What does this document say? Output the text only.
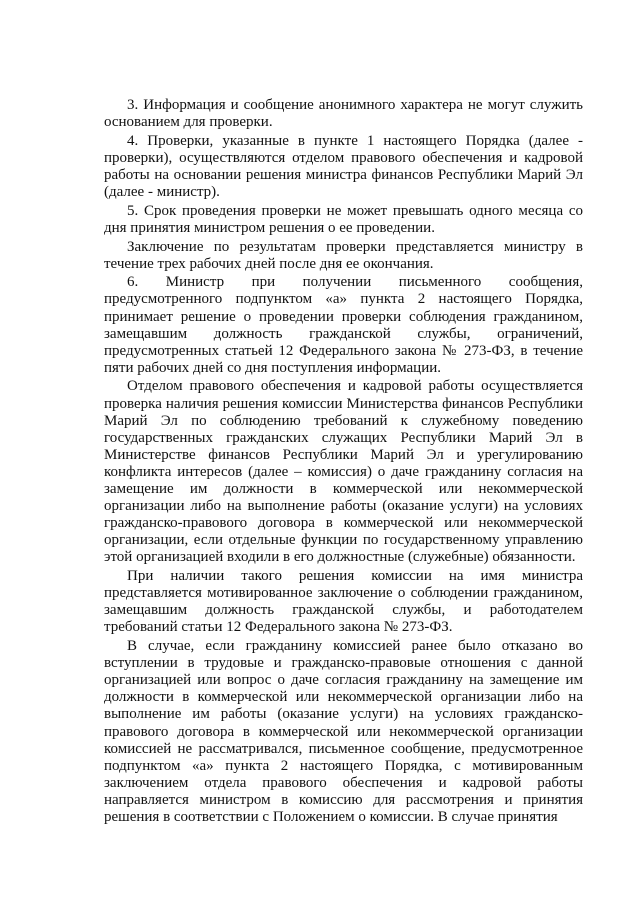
3. Информация и сообщение анонимного характера не могут служить основанием для проверки.

4. Проверки, указанные в пункте 1 настоящего Порядка (далее - проверки), осуществляются отделом правового обеспечения и кадровой работы на основании решения министра финансов Республики Марий Эл (далее - министр).

5. Срок проведения проверки не может превышать одного месяца со дня принятия министром решения о ее проведении.

Заключение по результатам проверки представляется министру в течение трех рабочих дней после дня ее окончания.

6. Министр при получении письменного сообщения, предусмотренного подпунктом «а» пункта 2 настоящего Порядка, принимает решение о проведении проверки соблюдения гражданином, замещавшим должность гражданской службы, ограничений, предусмотренных статьей 12 Федерального закона № 273-ФЗ, в течение пяти рабочих дней со дня поступления информации.

Отделом правового обеспечения и кадровой работы осуществляется проверка наличия решения комиссии Министерства финансов Республики Марий Эл по соблюдению требований к служебному поведению государственных гражданских служащих Республики Марий Эл в Министерстве финансов Республики Марий Эл и урегулированию конфликта интересов (далее – комиссия) о даче гражданину согласия на замещение им должности в коммерческой или некоммерческой организации либо на выполнение работы (оказание услуги) на условиях гражданско-правового договора в коммерческой или некоммерческой организации, если отдельные функции по государственному управлению этой организацией входили в его должностные (служебные) обязанности.

При наличии такого решения комиссии на имя министра представляется мотивированное заключение о соблюдении гражданином, замещавшим должность гражданской службы, и работодателем требований статьи 12 Федерального закона № 273-ФЗ.

В случае, если гражданину комиссией ранее было отказано во вступлении в трудовые и гражданско-правовые отношения с данной организацией или вопрос о даче согласия гражданину на замещение им должности в коммерческой или некоммерческой организации либо на выполнение им работы (оказание услуги) на условиях гражданско-правового договора в коммерческой или некоммерческой организации комиссией не рассматривался, письменное сообщение, предусмотренное подпунктом «а» пункта 2 настоящего Порядка, с мотивированным заключением отдела правового обеспечения и кадровой работы направляется министром в комиссию для рассмотрения и принятия решения в соответствии с Положением о комиссии. В случае принятия
